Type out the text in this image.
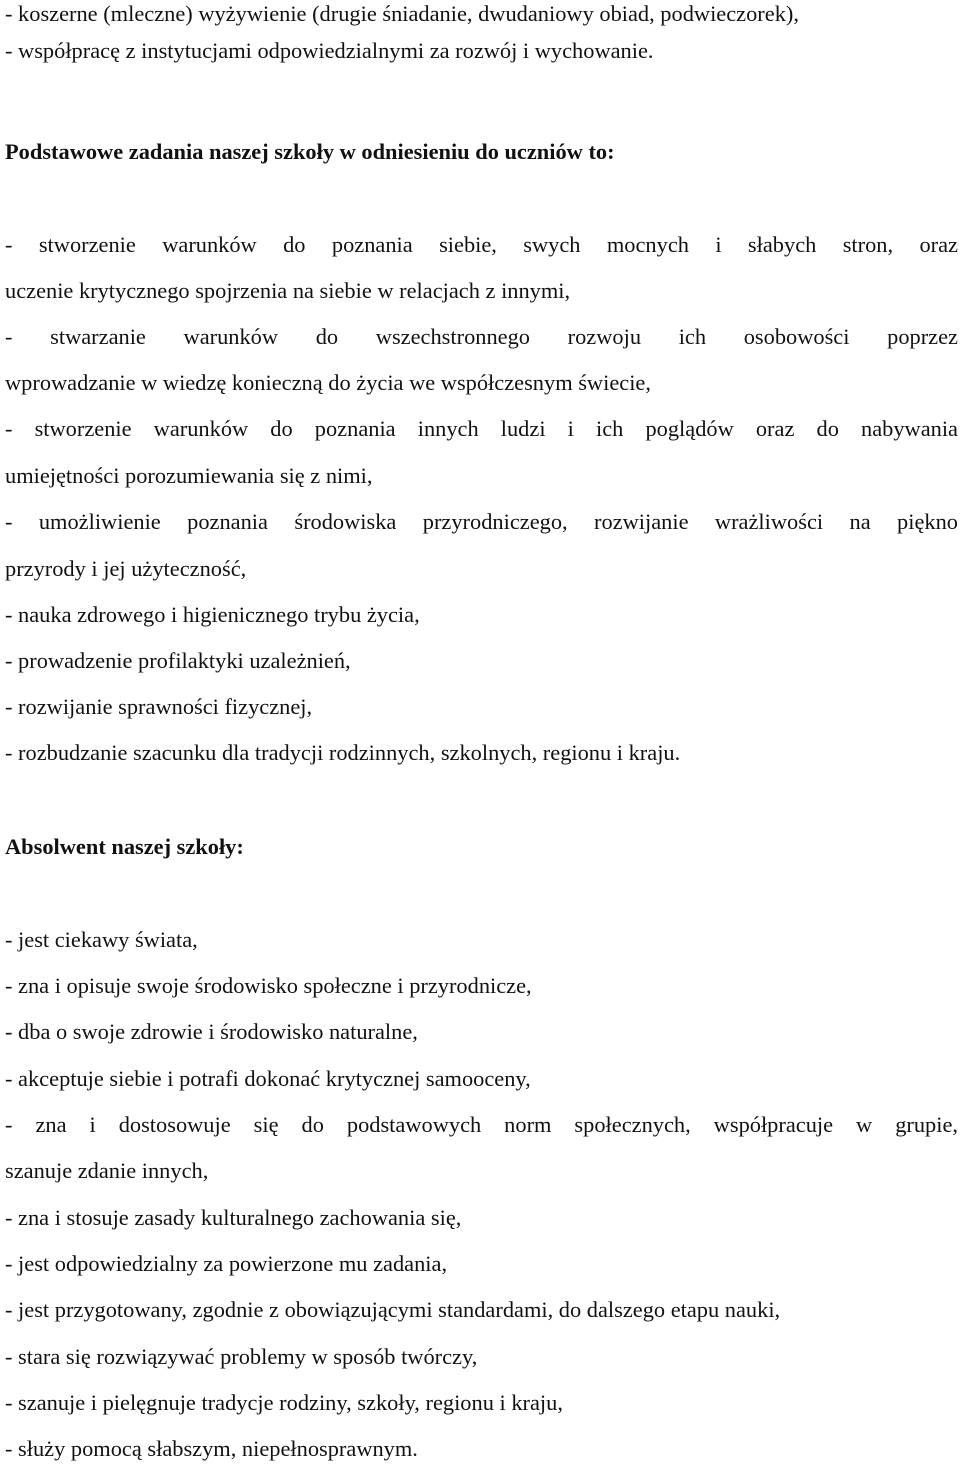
- koszerne (mleczne) wyżywienie (drugie śniadanie, dwudaniowy obiad, podwieczorek),
- współpracę z instytucjami odpowiedzialnymi za rozwój i wychowanie.
Podstawowe zadania naszej szkoły w odniesieniu do uczniów to:
- stworzenie warunków do poznania siebie, swych mocnych i słabych stron, oraz
uczenie krytycznego spojrzenia na siebie w relacjach z innymi,
- stwarzanie warunków do wszechstronnego rozwoju ich osobowości poprzez
wprowadzanie w wiedzę konieczną do życia we współczesnym świecie,
- stworzenie warunków do poznania innych ludzi i ich poglądów oraz do nabywania
umiejętności porozumiewania się z nimi,
- umożliwienie poznania środowiska przyrodniczego, rozwijanie wrażliwości na piękno
przyrody i jej użyteczność,
- nauka zdrowego i higienicznego trybu życia,
- prowadzenie profilaktyki uzależnień,
- rozwijanie sprawności fizycznej,
- rozbudzanie szacunku dla tradycji rodzinnych, szkolnych, regionu i kraju.
Absolwent naszej szkoły:
- jest ciekawy świata,
- zna i opisuje swoje środowisko społeczne i przyrodnicze,
- dba o swoje zdrowie i środowisko naturalne,
- akceptuje siebie i potrafi dokonać krytycznej samooceny,
- zna i dostosowuje się do podstawowych norm społecznych, współpracuje w grupie,
szanuje zdanie innych,
- zna i stosuje zasady kulturalnego zachowania się,
- jest odpowiedzialny za powierzone mu zadania,
- jest przygotowany, zgodnie z obowiązującymi standardami, do dalszego etapu nauki,
- stara się rozwiązywać problemy w sposób twórczy,
- szanuje i pielęgnuje tradycje rodziny, szkoły, regionu i kraju,
- służy pomocą słabszym, niepełnosprawnym.
